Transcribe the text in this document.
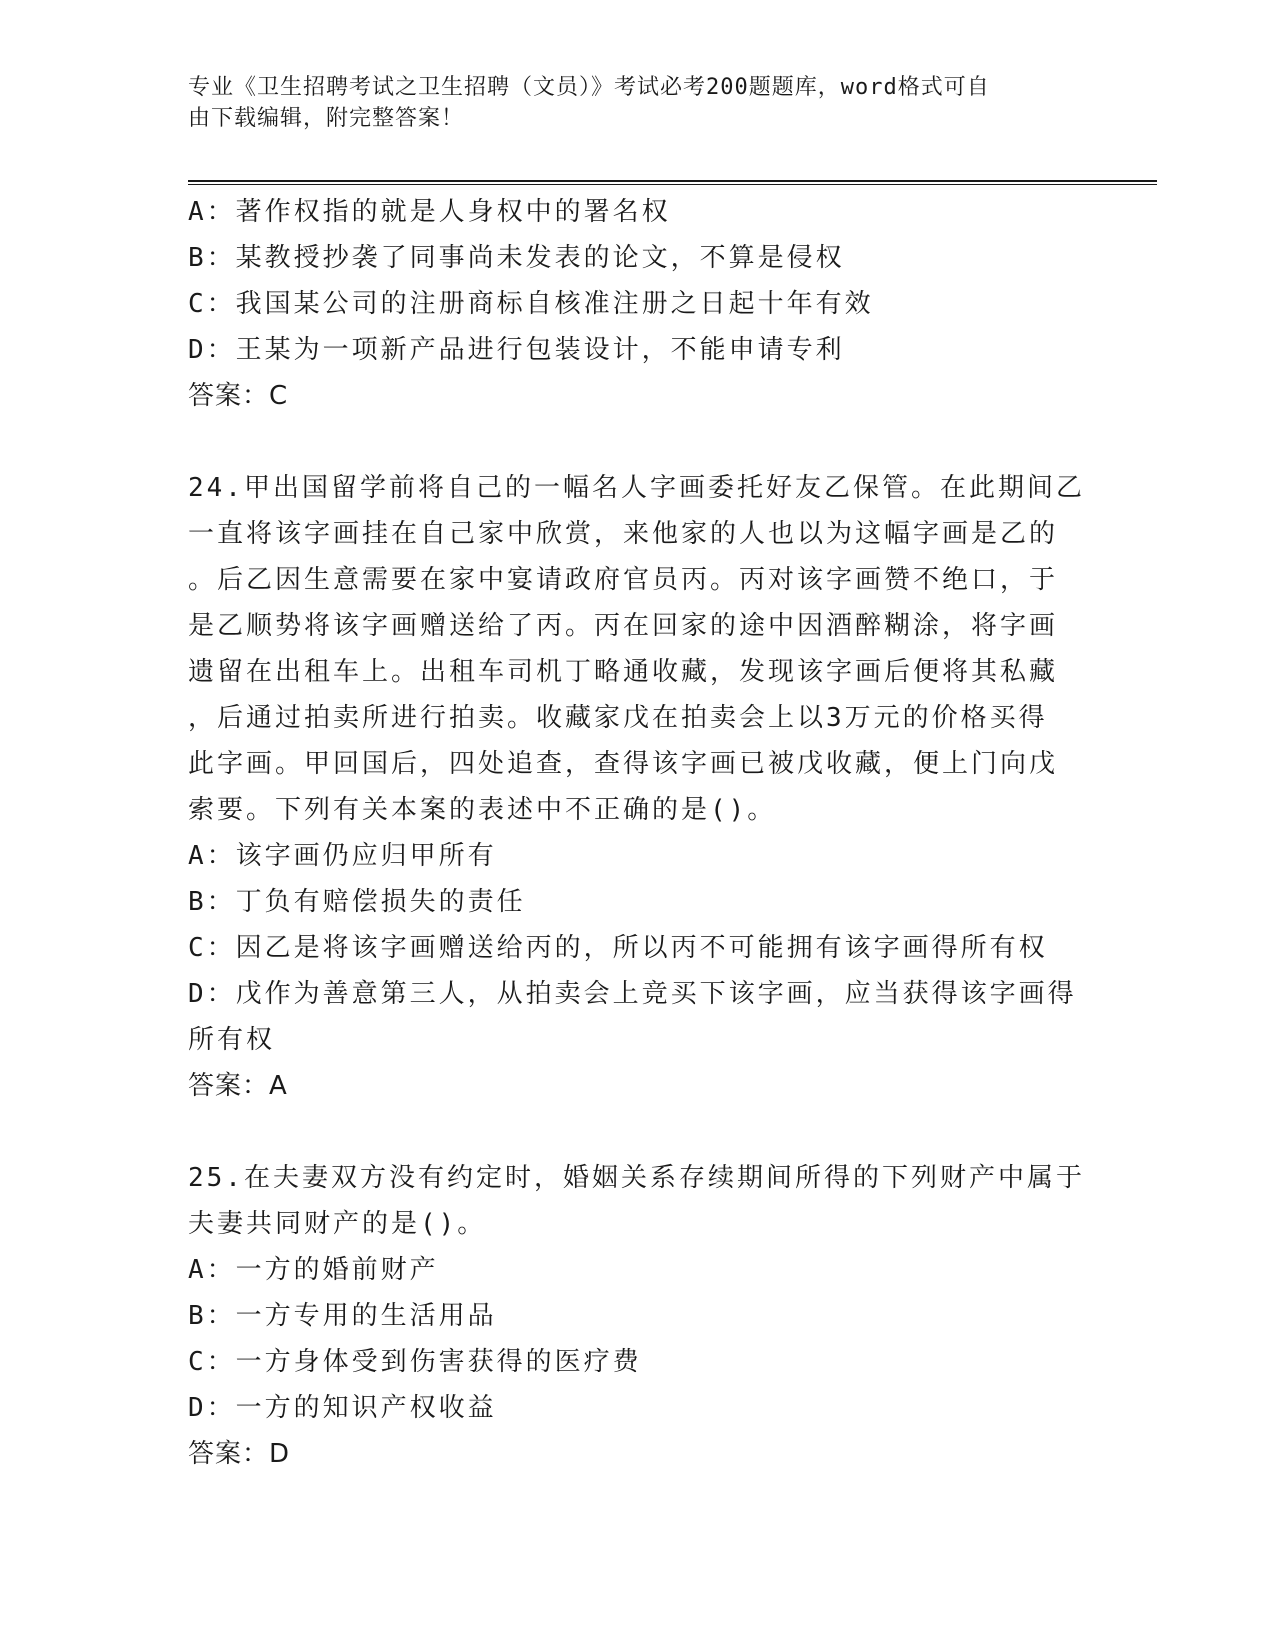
专业《卫生招聘考试之卫生招聘（文员）》考试必考200题题库，word格式可自
由下载编辑，附完整答案！
A：著作权指的就是人身权中的署名权
B：某教授抄袭了同事尚未发表的论文，不算是侵权
C：我国某公司的注册商标自核准注册之日起十年有效
D：王某为一项新产品进行包装设计，不能申请专利
答案：C
24.甲出国留学前将自己的一幅名人字画委托好友乙保管。在此期间乙
一直将该字画挂在自己家中欣赏，来他家的人也以为这幅字画是乙的
。后乙因生意需要在家中宴请政府官员丙。丙对该字画赞不绝口，于
是乙顺势将该字画赠送给了丙。丙在回家的途中因酒醉糊涂，将字画
遗留在出租车上。出租车司机丁略通收藏，发现该字画后便将其私藏
，后通过拍卖所进行拍卖。收藏家戊在拍卖会上以3万元的价格买得
此字画。甲回国后，四处追查，查得该字画已被戊收藏，便上门向戊
索要。下列有关本案的表述中不正确的是()。
A：该字画仍应归甲所有
B：丁负有赔偿损失的责任
C：因乙是将该字画赠送给丙的，所以丙不可能拥有该字画得所有权
D：戊作为善意第三人，从拍卖会上竞买下该字画，应当获得该字画得
所有权
答案：A
25.在夫妻双方没有约定时，婚姻关系存续期间所得的下列财产中属于
夫妻共同财产的是()。
A：一方的婚前财产
B：一方专用的生活用品
C：一方身体受到伤害获得的医疗费
D：一方的知识产权收益
答案：D
